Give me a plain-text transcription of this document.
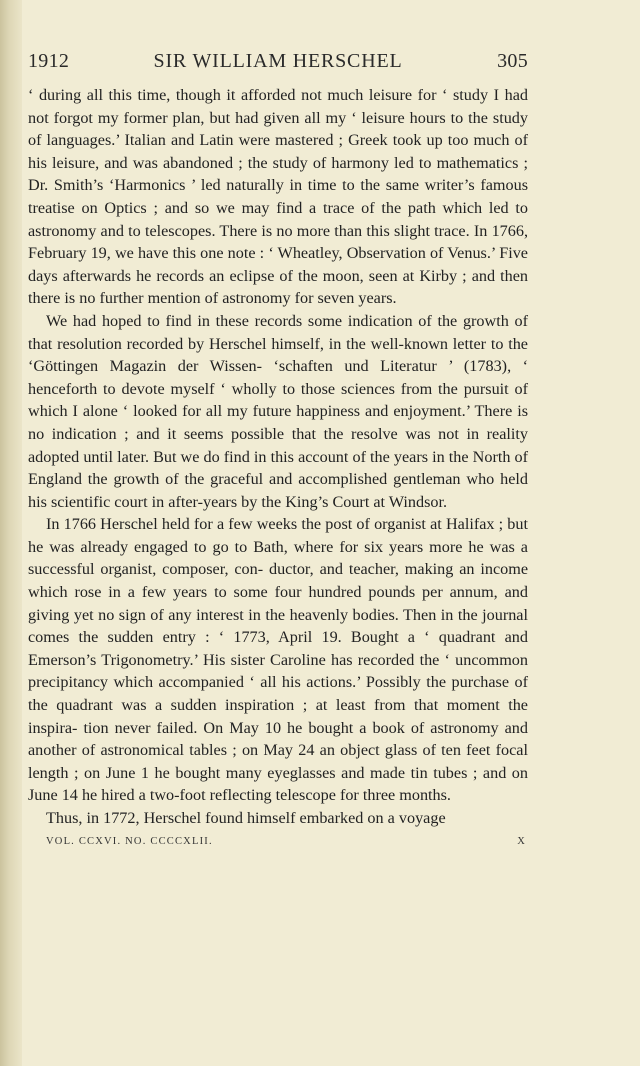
1912	SIR WILLIAM HERSCHEL	305

‘ during all this time, though it afforded not much leisure for ‘ study I had not forgot my former plan, but had given all my ‘ leisure hours to the study of languages.’ Italian and Latin were mastered ; Greek took up too much of his leisure, and was abandoned ; the study of harmony led to mathematics ; Dr. Smith’s ‘Harmonics ’ led naturally in time to the same writer’s famous treatise on Optics ; and so we may find a trace of the path which led to astronomy and to telescopes. There is no more than this slight trace. In 1766, February 19, we have this one note : ‘ Wheatley, Observation of Venus.’ Five days afterwards he records an eclipse of the moon, seen at Kirby ; and then there is no further mention of astronomy for seven years.

We had hoped to find in these records some indication of the growth of that resolution recorded by Herschel himself, in the well-known letter to the ‘Göttingen Magazin der Wissen- ‘schaften und Literatur ’ (1783), ‘ henceforth to devote myself ‘ wholly to those sciences from the pursuit of which I alone ‘ looked for all my future happiness and enjoyment.’ There is no indication ; and it seems possible that the resolve was not in reality adopted until later. But we do find in this account of the years in the North of England the growth of the graceful and accomplished gentleman who held his scientific court in after-years by the King’s Court at Windsor.

In 1766 Herschel held for a few weeks the post of organist at Halifax ; but he was already engaged to go to Bath, where for six years more he was a successful organist, composer, con- ductor, and teacher, making an income which rose in a few years to some four hundred pounds per annum, and giving yet no sign of any interest in the heavenly bodies. Then in the journal comes the sudden entry : ‘ 1773, April 19. Bought a ‘ quadrant and Emerson’s Trigonometry.’ His sister Caroline has recorded the ‘ uncommon precipitancy which accompanied ‘ all his actions.’ Possibly the purchase of the quadrant was a sudden inspiration ; at least from that moment the inspira- tion never failed. On May 10 he bought a book of astronomy and another of astronomical tables ; on May 24 an object glass of ten feet focal length ; on June 1 he bought many eyeglasses and made tin tubes ; and on June 14 he hired a two-foot reflecting telescope for three months.

Thus, in 1772, Herschel found himself embarked on a voyage

VOL. CCXVI. NO. CCCCXLII.	X
